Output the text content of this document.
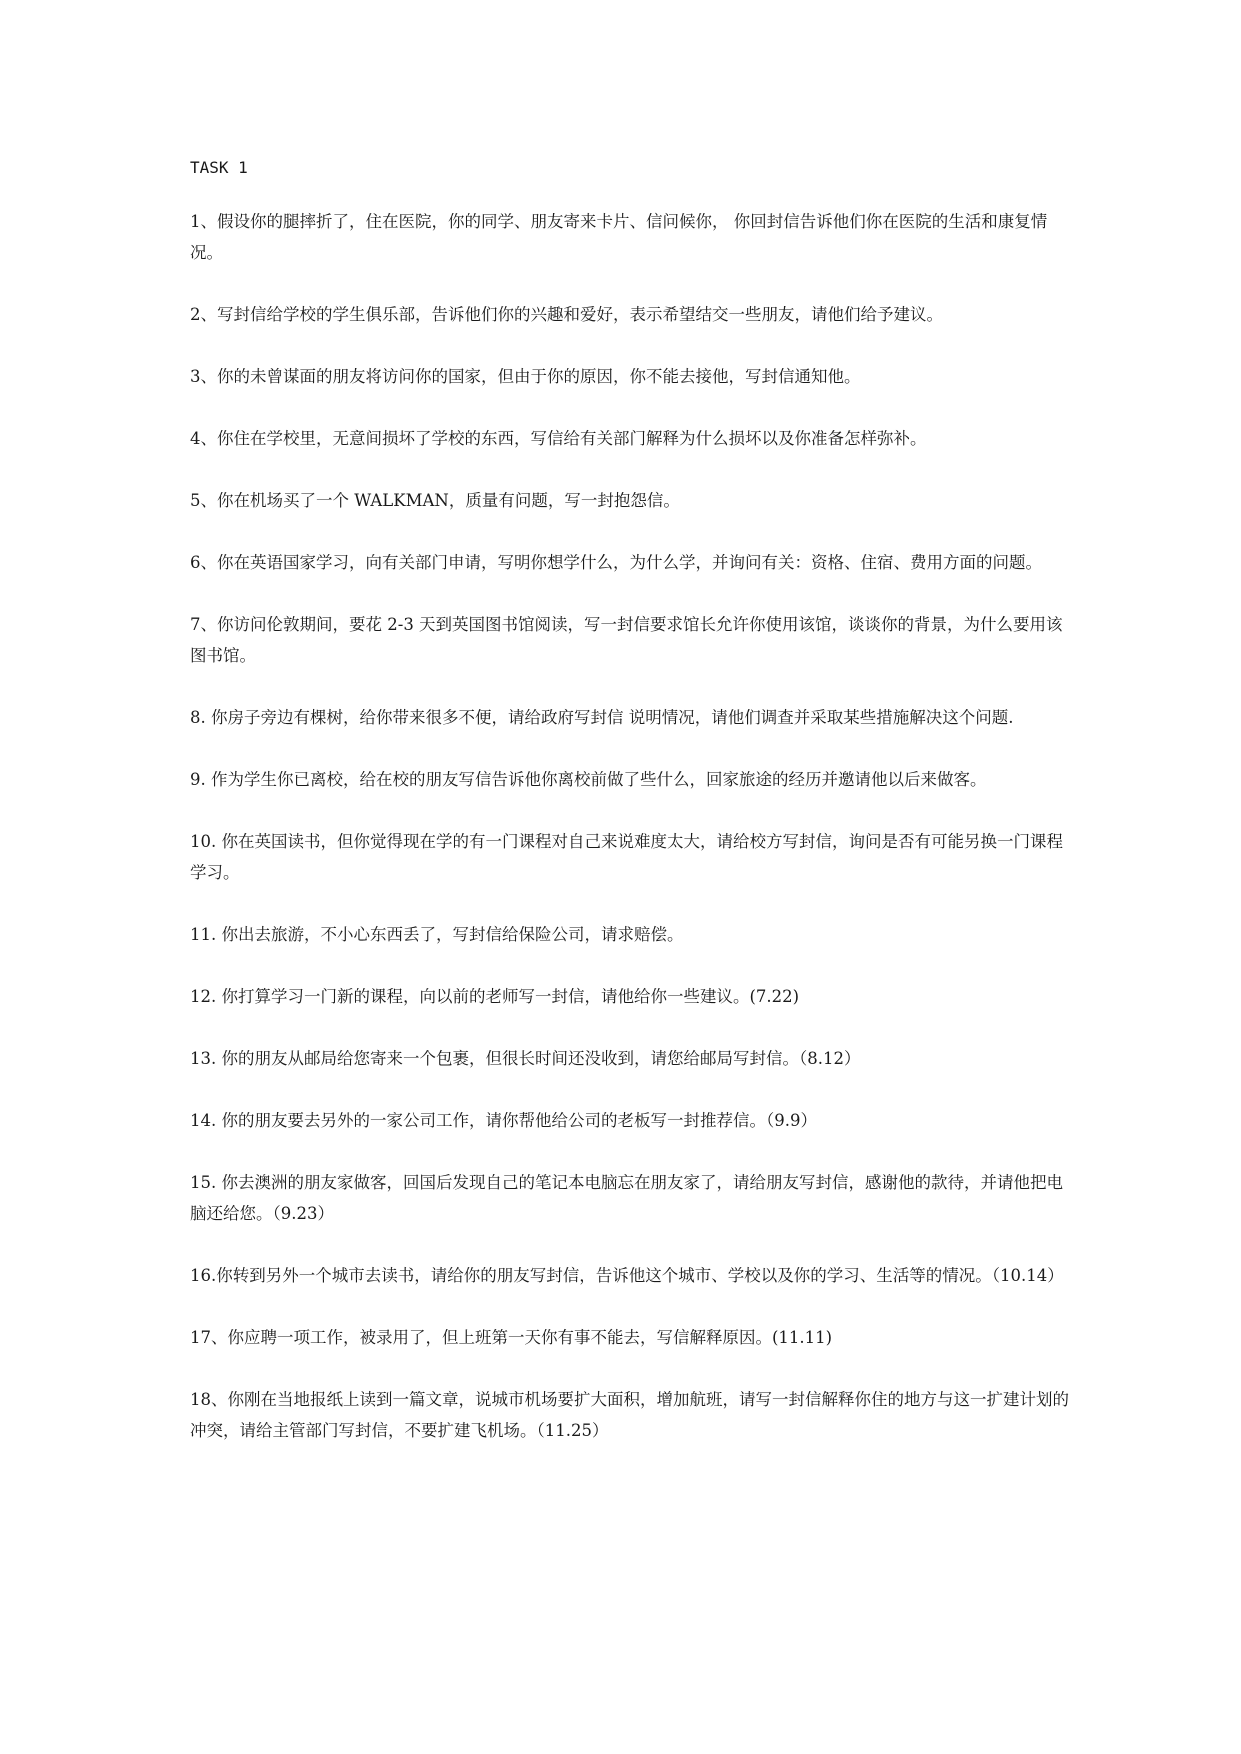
TASK 1

1、假设你的腿摔折了，住在医院，你的同学、朋友寄来卡片、信问候你， 你回封信告诉他们你在医院的生活和康复情况。

2、写封信给学校的学生俱乐部，告诉他们你的兴趣和爱好，表示希望结交一些朋友，请他们给予建议。

3、你的未曾谋面的朋友将访问你的国家，但由于你的原因，你不能去接他，写封信通知他。

4、你住在学校里，无意间损坏了学校的东西，写信给有关部门解释为什么损坏以及你准备怎样弥补。

5、你在机场买了一个 WALKMAN，质量有问题，写一封抱怨信。

6、你在英语国家学习，向有关部门申请，写明你想学什么，为什么学，并询问有关：资格、住宿、费用方面的问题。

7、你访问伦敦期间，要花 2-3 天到英国图书馆阅读，写一封信要求馆长允许你使用该馆，谈谈你的背景，为什么要用该图书馆。

8. 你房子旁边有棵树，给你带来很多不便，请给政府写封信 说明情况，请他们调查并采取某些措施解决这个问题.

9. 作为学生你已离校，给在校的朋友写信告诉他你离校前做了些什么，回家旅途的经历并邀请他以后来做客。

10. 你在英国读书，但你觉得现在学的有一门课程对自己来说难度太大，请给校方写封信，询问是否有可能另换一门课程学习。

11. 你出去旅游，不小心东西丢了，写封信给保险公司，请求赔偿。

12. 你打算学习一门新的课程，向以前的老师写一封信，请他给你一些建议。(7.22)

13. 你的朋友从邮局给您寄来一个包裹，但很长时间还没收到，请您给邮局写封信。（8.12）

14. 你的朋友要去另外的一家公司工作，请你帮他给公司的老板写一封推荐信。（9.9）

15. 你去澳洲的朋友家做客，回国后发现自己的笔记本电脑忘在朋友家了，请给朋友写封信，感谢他的款待，并请他把电脑还给您。（9.23）

16.你转到另外一个城市去读书，请给你的朋友写封信，告诉他这个城市、学校以及你的学习、生活等的情况。（10.14）

17、你应聘一项工作，被录用了，但上班第一天你有事不能去，写信解释原因。(11.11)

18、你刚在当地报纸上读到一篇文章，说城市机场要扩大面积，增加航班，请写一封信解释你住的地方与这一扩建计划的冲突，请给主管部门写封信，不要扩建飞机场。（11.25）
